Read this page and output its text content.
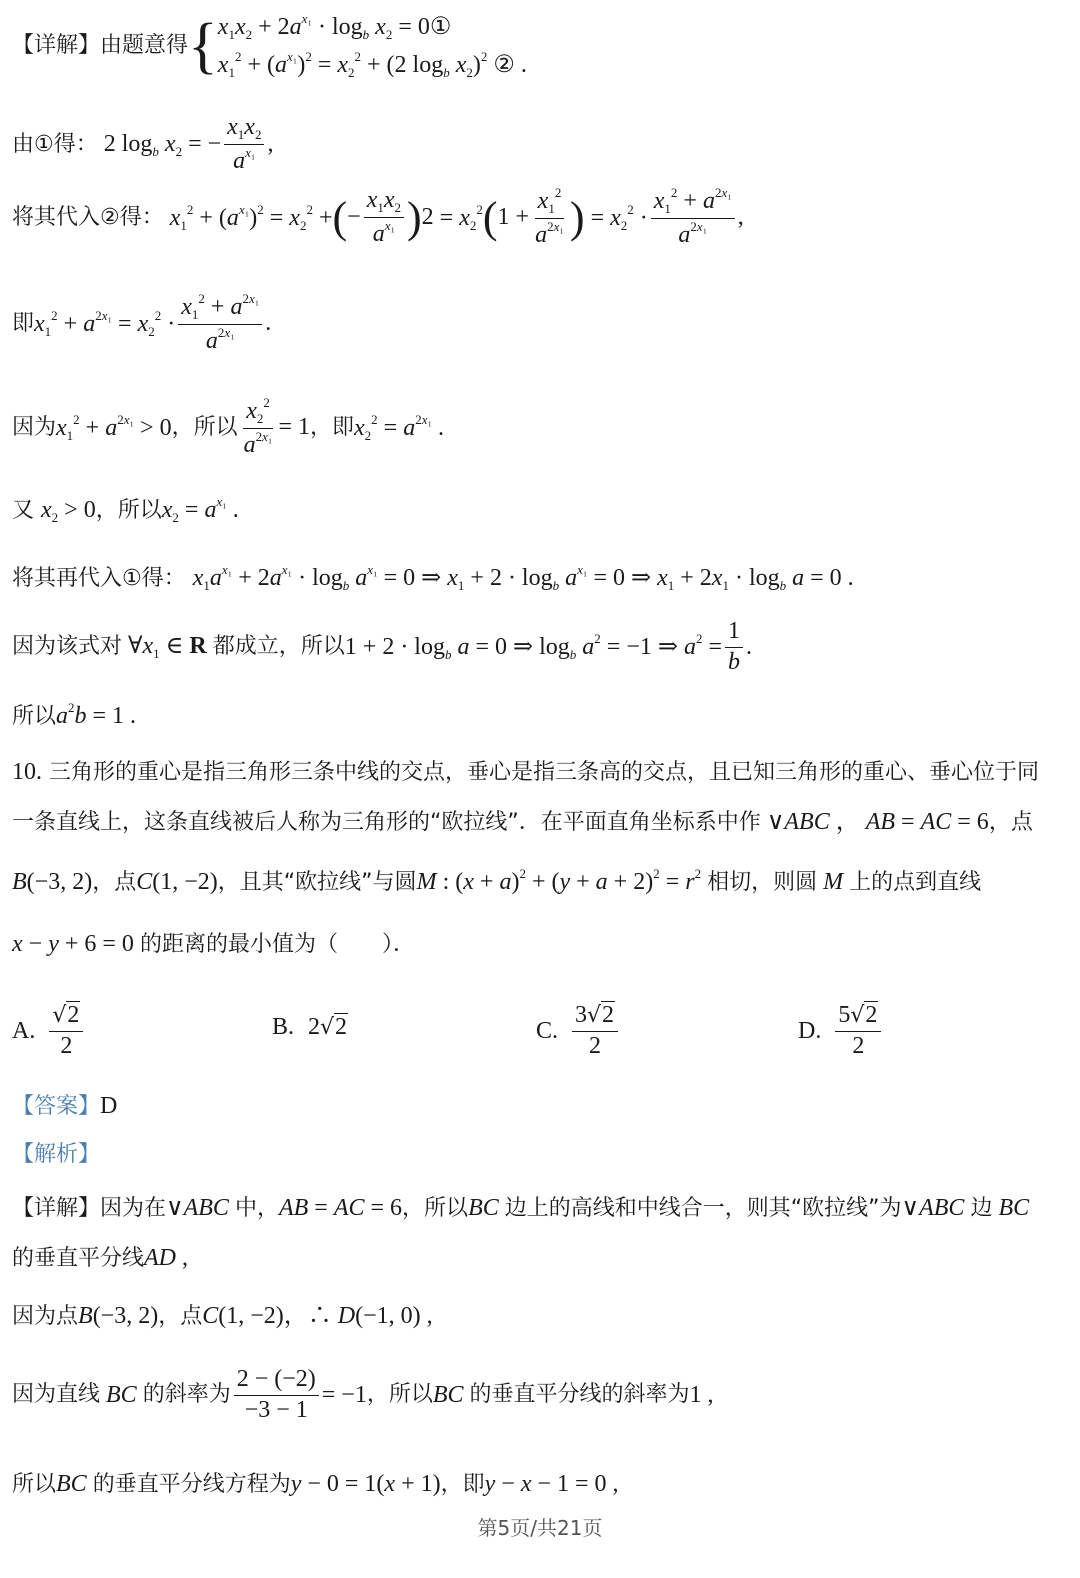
【详解】 由题意得 { $x_1x_2 + 2a^{x_1} \cdot \log_b x_2$ = 0①
$x_1^2 + (a^{x_1})^2 = x_2^2 + (2$ $\log_b x_2)^2$ ② .
由①得： 2 $\log_b x_2$ = − $\frac{x_1x_2}{a^{x_1}}$ ,
将其代入②得： $x_1^2 + (a^{x_1})^2 = x_2^2$ + ( − $\frac{x_1x_2}{a^{x_1}}$ ) $2 = x_2^2$ ( $1 + \frac{x_1^2}{a^{2x_1}}$ ) = $x_2^2 \cdot \frac{x_1^2 + a^{2x_1}}{a^{2x_1}}$ ,
即 $x_1^2 + a^{2x_1} = x_2^2 \cdot \frac{x_1^2 + a^{2x_1}}{a^{2x_1}}$ .
因为 $x_1^2 + a^{2x_1} > 0$ ，所以 $\frac{x_2^2}{a^{2x_1}} = 1$ ，即 $x_2^2 = a^{2x_1}$ .
又 $x_2 > 0$，所以$x_2 = a^{x_1}$ .
将其再代入①得： $x_1a^{x_1} + 2a^{x_1} \cdot \log_b a^{x_1} = 0$ ⇒ $x_1 + 2 \cdot \log_b a^{x_1} = 0$ ⇒ $x_1 + 2x_1 \cdot \log_b a = 0$ .
因为该式对 $\forall x_1$ ∈ R 都成立，所以 $1 + 2 \cdot \log_b a = 0$ ⇒ $\log_b a^2 = -1$ ⇒ $a^2 = \frac{1}{b}$ .
所以$a^2b = 1$ .
10. 三角形的重心是指三角形三条中线的交点，垂心是指三条高的交点，且已知三角形的重心、垂心位于同
一条直线上，这条直线被后人称为三角形的“欧拉线”．在平面直角坐标系中作 ∨ABC ， AB = AC = 6，点
B(−3, 2)，点C(1, −2)，且其“欧拉线”与圆M : $(x + a)^2 + (y + a + 2)^2 = r^2$ 相切，则圆 M 上的点到直线
x − y + 6 = 0 的距离的最小值为（　　）．
A. $\frac{√2}{2}$	B. 2√2	C. $\frac{3√2}{2}$	D. $\frac{5√2}{2}$
【答案】D
【解析】
【详解】因为在∨ABC 中，AB = AC = 6，所以BC 边上的高线和中线合一，则其“欧拉线”为∨ABC 边 BC
的垂直平分线AD ,
因为点B(−3, 2)，点C(1, −2)，∴ D(−1, 0) ,
因为直线 BC 的斜率为 $\frac{2 - (-2)}{-3 - 1} = -1$ ，所以 BC 的垂直平分线的斜率为 1 ,
所以BC 的垂直平分线方程为y − 0 = 1(x + 1)，即y − x − 1 = 0 ,
第5页/共21页
